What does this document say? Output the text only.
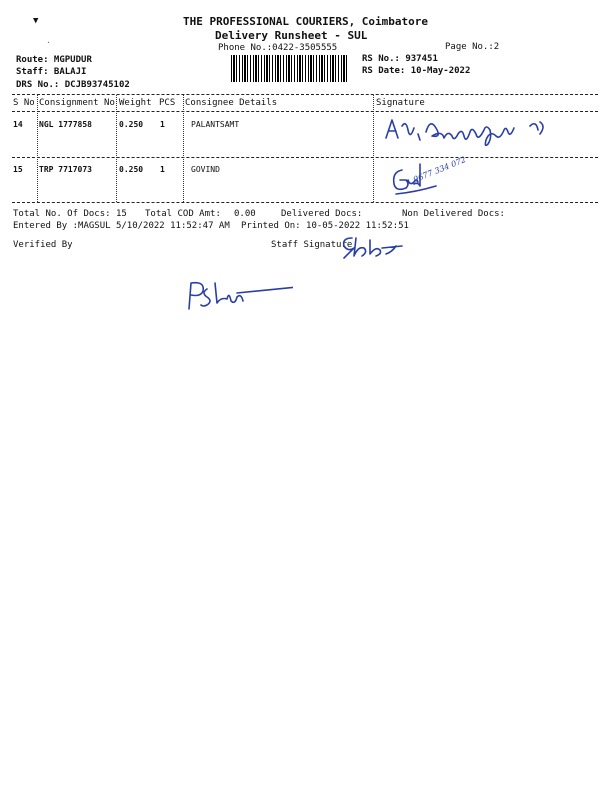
▼
·
THE PROFESSIONAL COURIERS, Coimbatore
Delivery Runsheet - SUL
Phone No.:0422-3505555	Page No.:2
Route: MGPUDUR
Staff: BALAJI
DRS No.: DCJB93745102
RS No.: 937451
RS Date: 10-May-2022
S No Consignment No Weight PCS Consignee Details	Signature
14 NGL 1777858	0.250 1	PALANTSAMT
15 TRP 7717073	0.250 1	GOVIND	9677 334 072
Total No. Of Docs: 15 Total COD Amt: 0.00	Delivered Docs:	Non Delivered Docs:
Entered By :MAGSUL 5/10/2022 11:52:47 AM Printed On: 10-05-2022 11:52:51
Verified By	Staff Signature
